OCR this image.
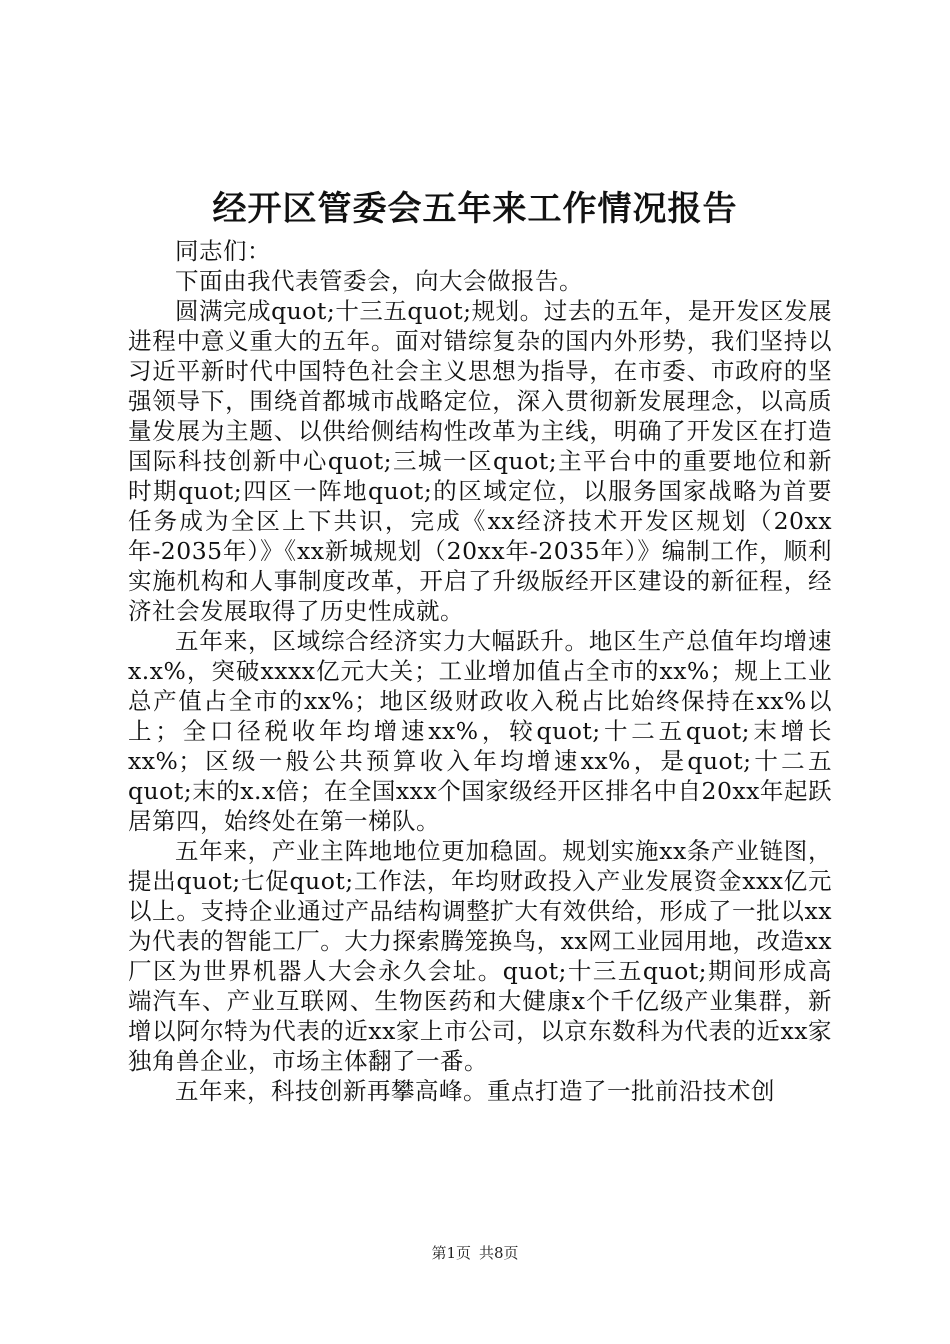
经开区管委会五年来工作情况报告

同志们：

下面由我代表管委会，向大会做报告。

圆满完成quot;十三五quot;规划。过去的五年，是开发区发展进程中意义重大的五年。面对错综复杂的国内外形势，我们坚持以习近平新时代中国特色社会主义思想为指导，在市委、市政府的坚强领导下，围绕首都城市战略定位，深入贯彻新发展理念，以高质量发展为主题、以供给侧结构性改革为主线，明确了开发区在打造国际科技创新中心quot;三城一区quot;主平台中的重要地位和新时期quot;四区一阵地quot;的区域定位，以服务国家战略为首要任务成为全区上下共识，完成《xx经济技术开发区规划（20xx年-2035年）》《xx新城规划（20xx年-2035年）》编制工作，顺利实施机构和人事制度改革，开启了升级版经开区建设的新征程，经济社会发展取得了历史性成就。

五年来，区域综合经济实力大幅跃升。地区生产总值年均增速x.x%，突破xxxx亿元大关；工业增加值占全市的xx%；规上工业总产值占全市的xx%；地区级财政收入税占比始终保持在xx%以上；全口径税收年均增速xx%，较quot;十二五quot;末增长xx%；区级一般公共预算收入年均增速xx%，是quot;十二五quot;末的x.x倍；在全国xxx个国家级经开区排名中自20xx年起跃居第四，始终处在第一梯队。

五年来，产业主阵地地位更加稳固。规划实施xx条产业链图，提出quot;七促quot;工作法，年均财政投入产业发展资金xxx亿元以上。支持企业通过产品结构调整扩大有效供给，形成了一批以xx为代表的智能工厂。大力探索腾笼换鸟，xx网工业园用地，改造xx厂区为世界机器人大会永久会址。quot;十三五quot;期间形成高端汽车、产业互联网、生物医药和大健康x个千亿级产业集群，新增以阿尔特为代表的近xx家上市公司，以京东数科为代表的近xx家独角兽企业，市场主体翻了一番。

五年来，科技创新再攀高峰。重点打造了一批前沿技术创

第1页 共8页
